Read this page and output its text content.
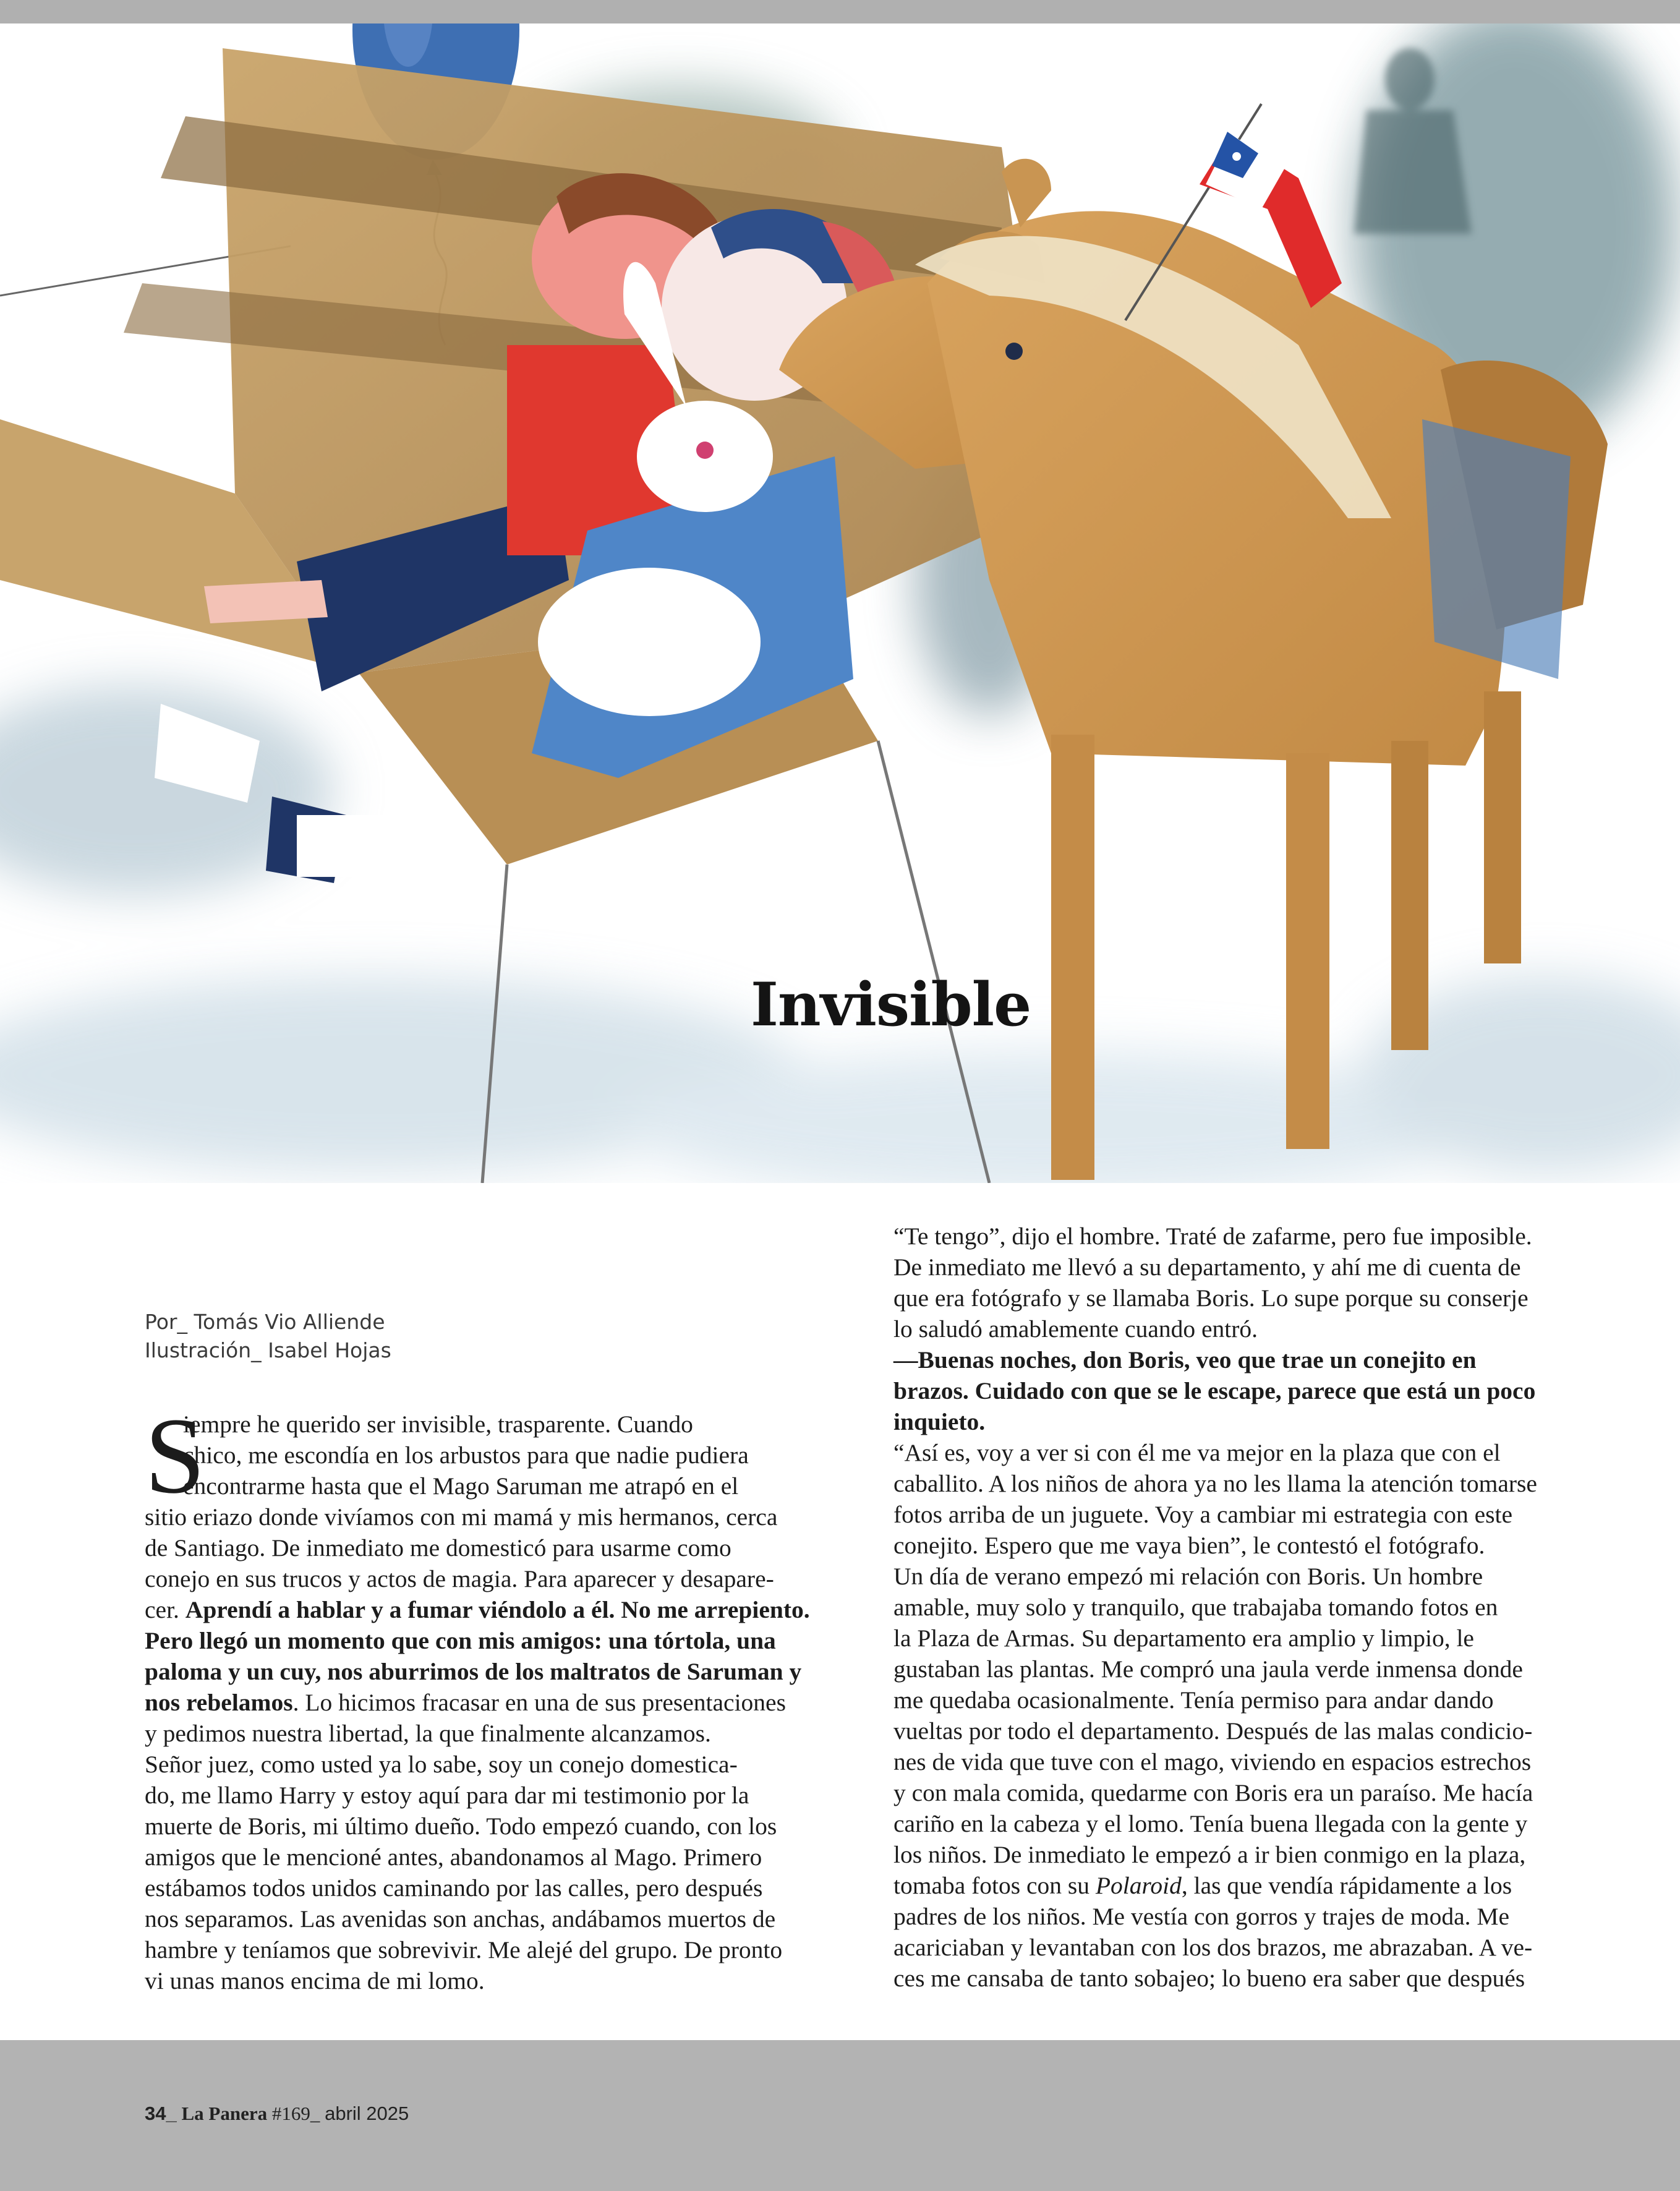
Invisible
Por_ Tomás Vio Alliende
Ilustración_ Isabel Hojas
S
iempre he querido ser invisible, trasparente. Cuando
chico, me escondía en los arbustos para que nadie pudiera
encontrarme hasta que el Mago Saruman me atrapó en el
sitio eriazo donde vivíamos con mi mamá y mis hermanos, cerca
de Santiago. De inmediato me domesticó para usarme como
conejo en sus trucos y actos de magia. Para aparecer y desapare-
cer. Aprendí a hablar y a fumar viéndolo a él. No me arrepiento.
Pero llegó un momento que con mis amigos: una tórtola, una
paloma y un cuy, nos aburrimos de los maltratos de Saruman y
nos rebelamos. Lo hicimos fracasar en una de sus presentaciones
y pedimos nuestra libertad, la que finalmente alcanzamos.
Señor juez, como usted ya lo sabe, soy un conejo domestica-
do, me llamo Harry y estoy aquí para dar mi testimonio por la
muerte de Boris, mi último dueño. Todo empezó cuando, con los
amigos que le mencioné antes, abandonamos al Mago. Primero
estábamos todos unidos caminando por las calles, pero después
nos separamos. Las avenidas son anchas, andábamos muertos de
hambre y teníamos que sobrevivir. Me alejé del grupo. De pronto
vi unas manos encima de mi lomo.
“Te tengo”, dijo el hombre. Traté de zafarme, pero fue imposible.
De inmediato me llevó a su departamento, y ahí me di cuenta de
que era fotógrafo y se llamaba Boris. Lo supe porque su conserje
lo saludó amablemente cuando entró.
—Buenas noches, don Boris, veo que trae un conejito en
brazos. Cuidado con que se le escape, parece que está un poco
inquieto.
“Así es, voy a ver si con él me va mejor en la plaza que con el
caballito. A los niños de ahora ya no les llama la atención tomarse
fotos arriba de un juguete. Voy a cambiar mi estrategia con este
conejito. Espero que me vaya bien”, le contestó el fotógrafo.
Un día de verano empezó mi relación con Boris. Un hombre
amable, muy solo y tranquilo, que trabajaba tomando fotos en
la Plaza de Armas. Su departamento era amplio y limpio, le
gustaban las plantas. Me compró una jaula verde inmensa donde
me quedaba ocasionalmente. Tenía permiso para andar dando
vueltas por todo el departamento. Después de las malas condicio-
nes de vida que tuve con el mago, viviendo en espacios estrechos
y con mala comida, quedarme con Boris era un paraíso. Me hacía
cariño en la cabeza y el lomo. Tenía buena llegada con la gente y
los niños. De inmediato le empezó a ir bien conmigo en la plaza,
tomaba fotos con su Polaroid, las que vendía rápidamente a los
padres de los niños. Me vestía con gorros y trajes de moda. Me
acariciaban y levantaban con los dos brazos, me abrazaban. A ve-
ces me cansaba de tanto sobajeo; lo bueno era saber que después
34_ La Panera #169_ abril 2025
